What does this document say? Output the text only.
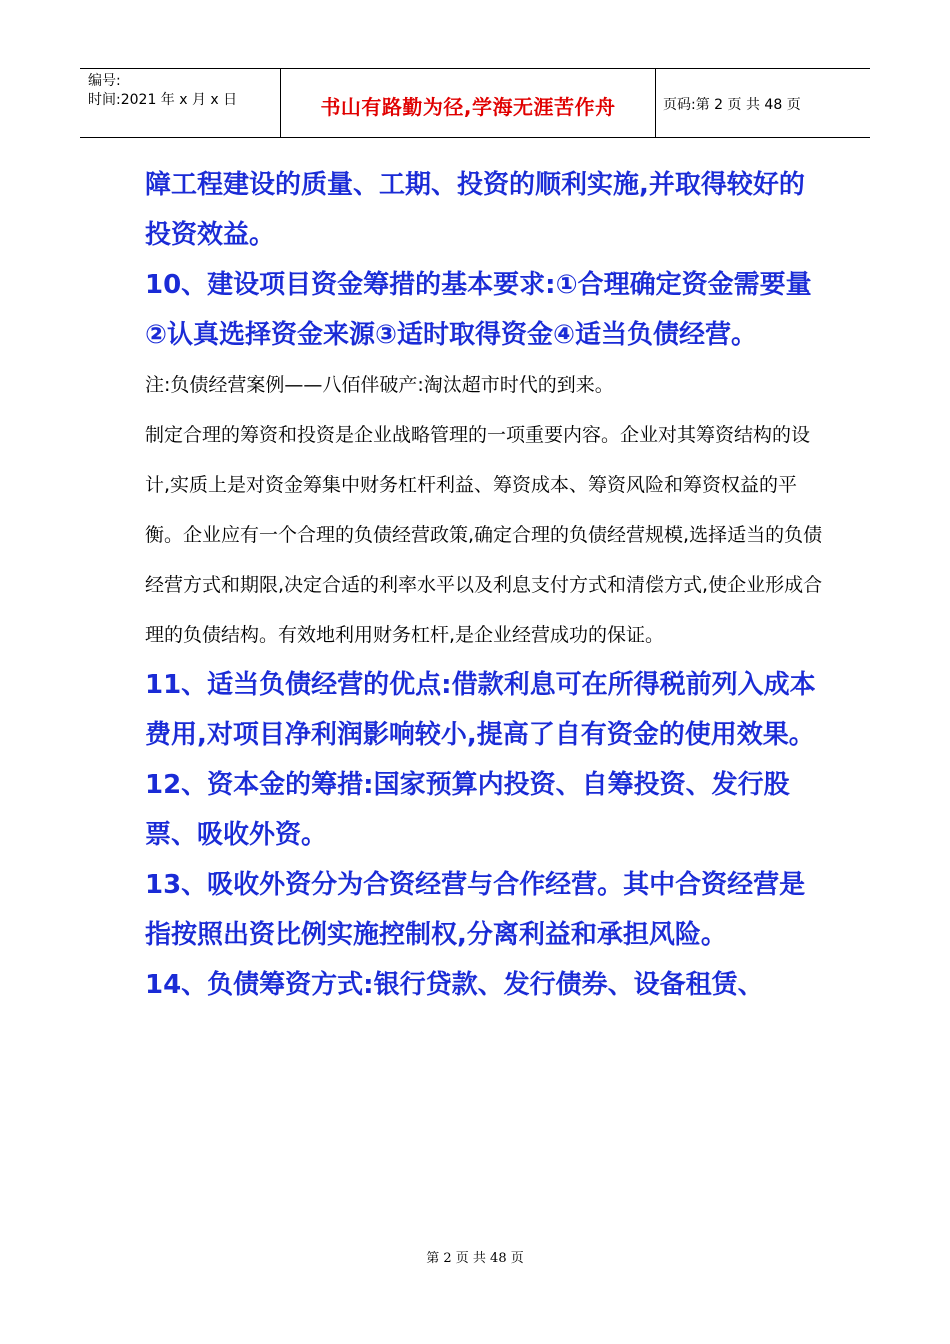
编号:
时间:2021 年 x 月 x 日	书山有路勤为径,学海无涯苦作舟	页码:第 2 页 共 48 页

障工程建设的质量、工期、投资的顺利实施,并取得较好的投资效益。

10、建设项目资金筹措的基本要求:①合理确定资金需要量②认真选择资金来源③适时取得资金④适当负债经营。

注:负债经营案例——八佰伴破产:淘汰超市时代的到来。

制定合理的筹资和投资是企业战略管理的一项重要内容。企业对其筹资结构的设计,实质上是对资金筹集中财务杠杆利益、筹资成本、筹资风险和筹资权益的平衡。企业应有一个合理的负债经营政策,确定合理的负债经营规模,选择适当的负债经营方式和期限,决定合适的利率水平以及利息支付方式和清偿方式,使企业形成合理的负债结构。有效地利用财务杠杆,是企业经营成功的保证。

11、适当负债经营的优点:借款利息可在所得税前列入成本费用,对项目净利润影响较小,提高了自有资金的使用效果。

12、资本金的筹措:国家预算内投资、自筹投资、发行股票、吸收外资。

13、吸收外资分为合资经营与合作经营。其中合资经营是指按照出资比例实施控制权,分离利益和承担风险。

14、负债筹资方式:银行贷款、发行债券、设备租赁、

第 2 页 共 48 页
